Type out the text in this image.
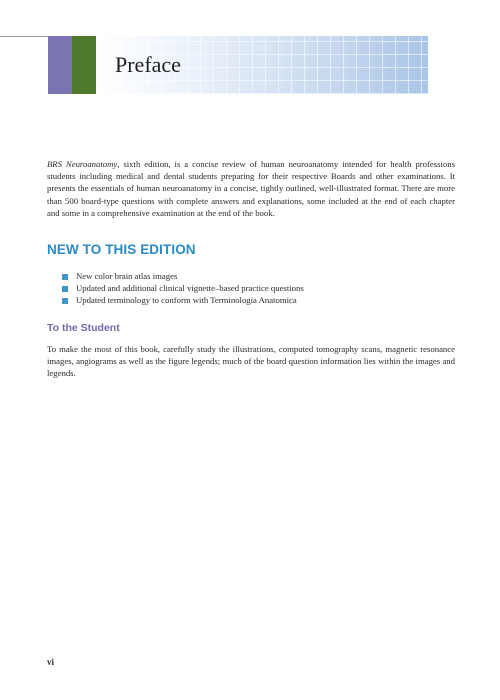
Preface

BRS Neuroanatomy, sixth edition, is a concise review of human neuroanatomy intended for health professions students including medical and dental students preparing for their respective Boards and other examinations. It presents the essentials of human neuroanatomy in a concise, tightly outlined, well-illustrated format. There are more than 500 board-type questions with complete answers and explanations, some included at the end of each chapter and some in a comprehensive examination at the end of the book.

NEW TO THIS EDITION
New color brain atlas images
Updated and additional clinical vignette–based practice questions
Updated terminology to conform with Terminologia Anatomica
To the Student

To make the most of this book, carefully study the illustrations, computed tomography scans, magnetic resonance images, angiograms as well as the figure legends; much of the board question information lies within the images and legends.

vi
